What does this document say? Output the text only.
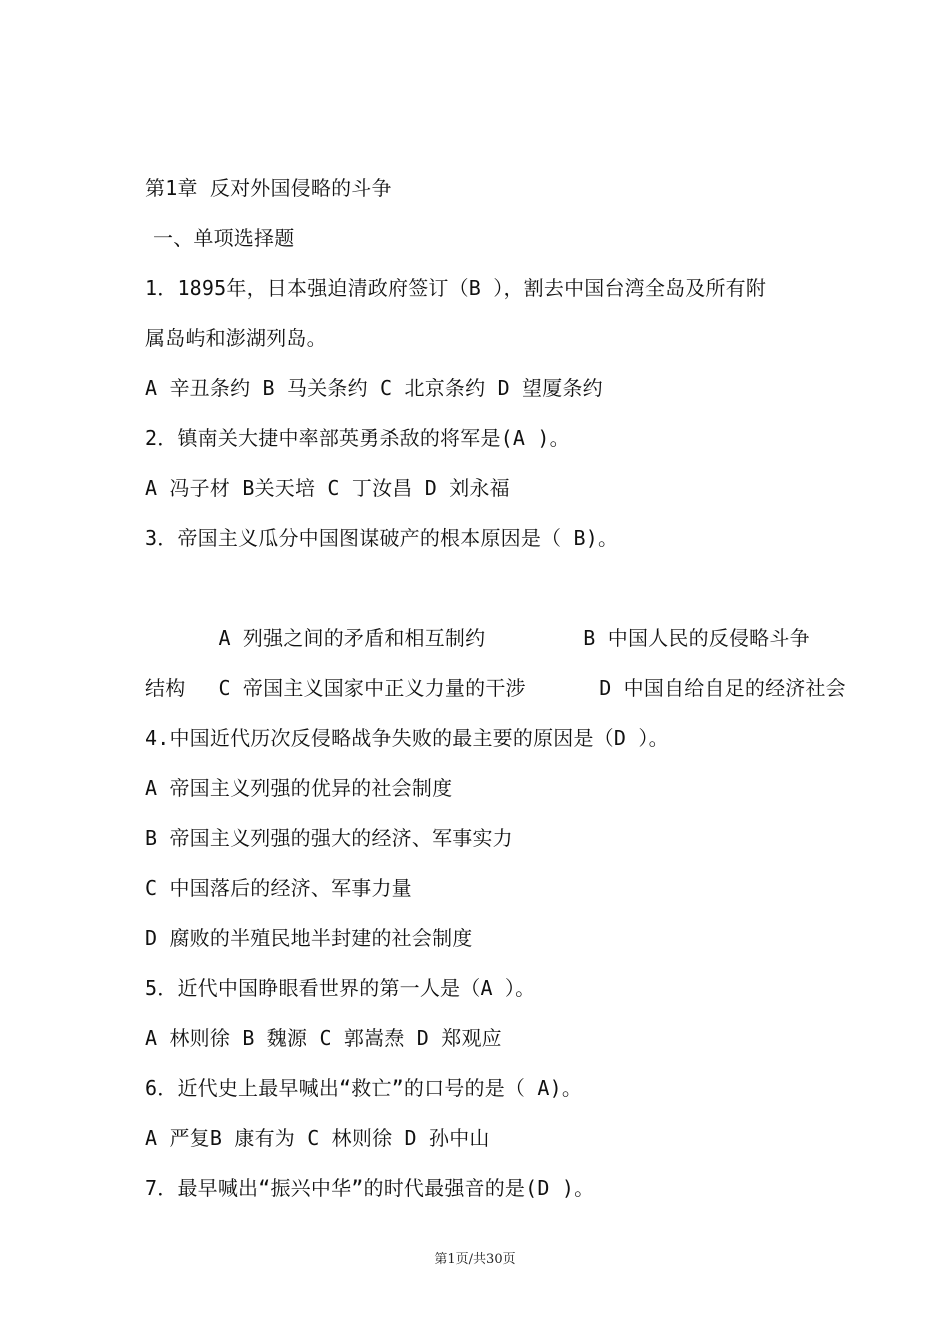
第1章 反对外国侵略的斗争
一、单项选择题
1．1895年，日本强迫清政府签订（B ），割去中国台湾全岛及所有附
属岛屿和澎湖列岛。
A 辛丑条约 B 马关条约 C 北京条约 D 望厦条约
2．镇南关大捷中率部英勇杀敌的将军是(A )。
A 冯子材 B关天培 C 丁汝昌 D 刘永福
3．帝国主义瓜分中国图谋破产的根本原因是（ B)。

A 列强之间的矛盾和相互制约	B 中国人民的反侵略斗争

C 帝国主义国家中正义力量的干涉	D 中国自给自足的经济社会

结构
4.中国近代历次反侵略战争失败的最主要的原因是（D ）。
A 帝国主义列强的优异的社会制度
B 帝国主义列强的强大的经济、军事实力
C 中国落后的经济、军事力量
D 腐败的半殖民地半封建的社会制度
5．近代中国睁眼看世界的第一人是（A ）。
A 林则徐 B 魏源 C 郭嵩焘 D 郑观应
6．近代史上最早喊出“救亡”的口号的是（ A)。
A 严复B 康有为 C 林则徐 D 孙中山
7．最早喊出“振兴中华”的时代最强音的是(D )。
第1页/共30页
